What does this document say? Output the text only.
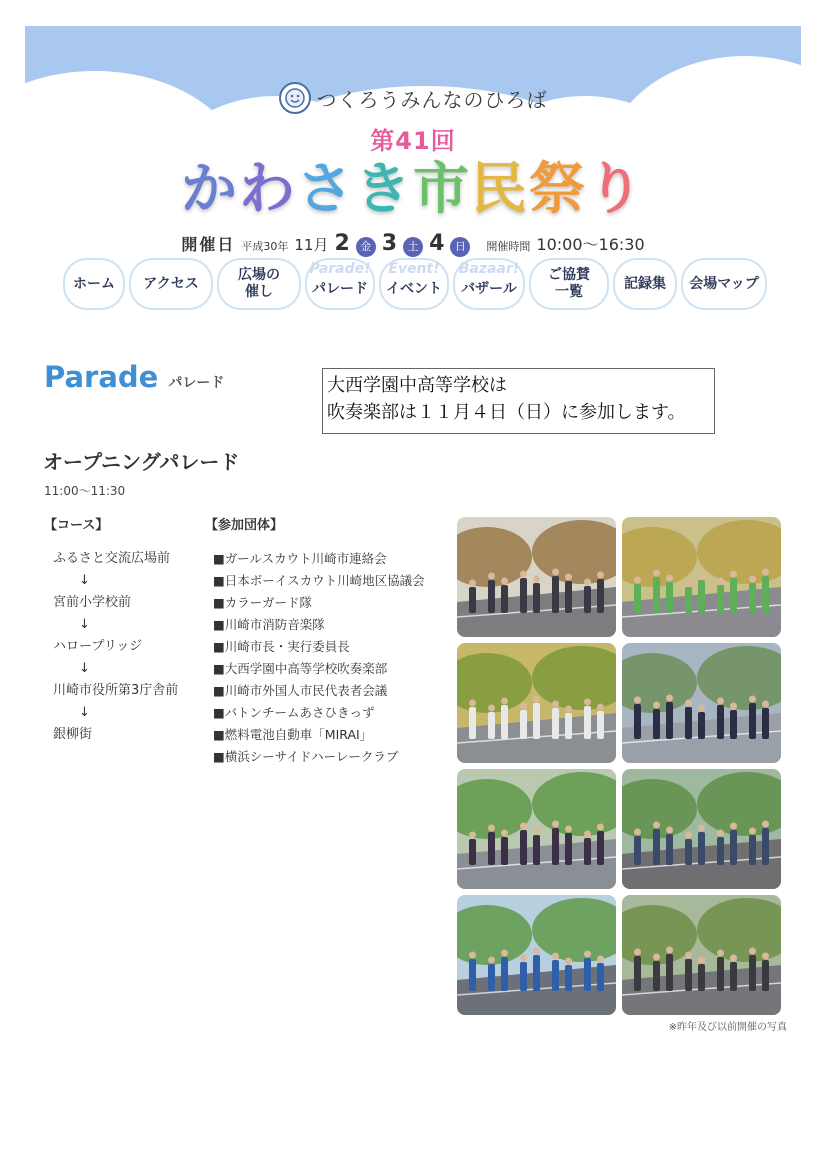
つくろうみんなのひろば
第41回
かわさき市民祭り
開催日 平成30年 11月 2 金 3 土 4 日	開催時間 10:00〜16:30
ホーム アクセス
広場の
催し
Parade!
パレード
Event!
イベント
Bazaar!
バザール
ご協賛
一覧
記録集 会場マップ
Parade パレード	大西学園中高等学校は
吹奏楽部は１１月４日（日）に参加します。
オープニングパレード
11:00〜11:30
【コース】
ふるさと交流広場前
↓
宮前小学校前
↓
ハロープリッジ
↓
川崎市役所第3庁舎前
↓
銀柳街
【参加団体】
■ガールスカウト川崎市連絡会
■日本ボーイスカウト川崎地区協議会
■カラーガード隊
■川崎市消防音楽隊
■川崎市長・実行委員長
■大西学園中高等学校吹奏楽部
■川崎市外国人市民代表者会議
■バトンチームあさひきっず
■燃料電池自動車「MIRAI」
■横浜シーサイドハーレークラブ
※昨年及び以前開催の写真
